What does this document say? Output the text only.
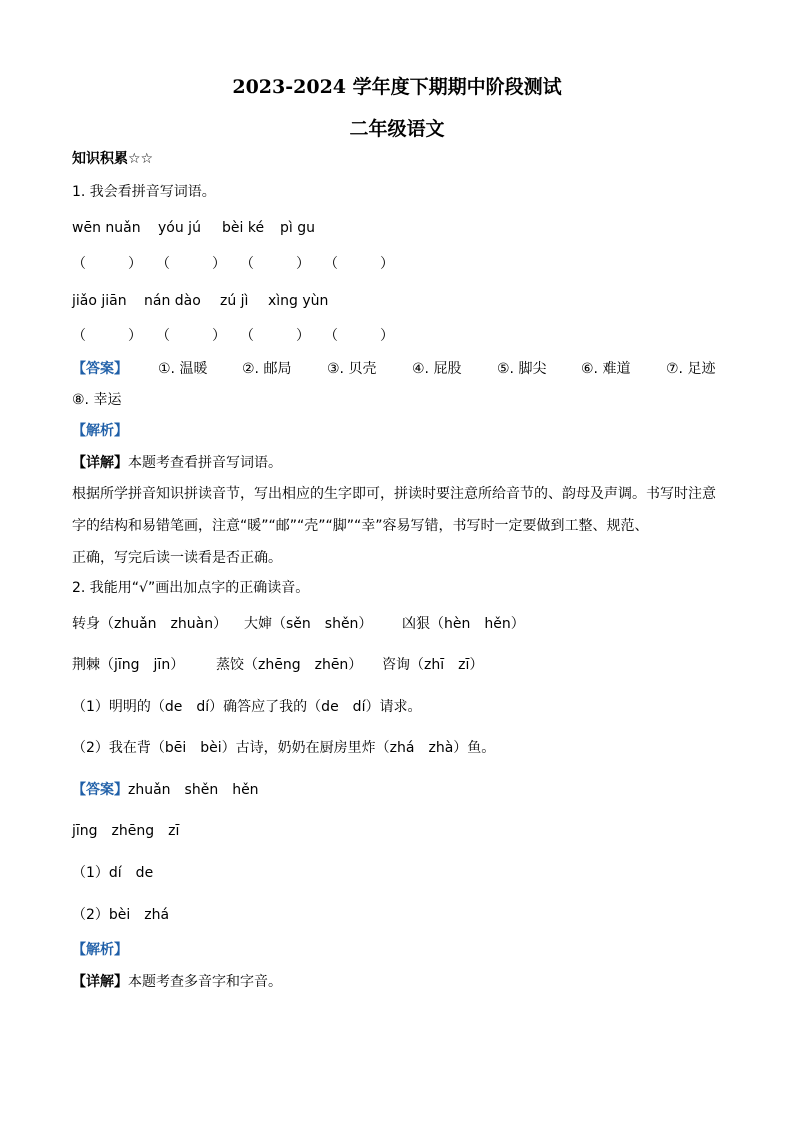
2023-2024 学年度下期期中阶段测试
二年级语文
知识积累☆☆
1. 我会看拼音写词语。
wēn nuǎn yóu jú bèi ké pì gu
（　　　） （　　　） （　　　） （　　　）
jiǎo jiān nán dào zú jì xìng yùn
（　　　） （　　　） （　　　） （　　　）
【答案】 ①. 温暖 ②. 邮局	③. 贝壳	④. 屁股	⑤. 脚尖 ⑥. 难道	⑦. 足迹
⑧. 幸运
【解析】
【详解】本题考查看拼音写词语。
根据所学拼音知识拼读音节，写出相应的生字即可，拼读时要注意所给音节的、韵母及声调。书写时注意
字的结构和易错笔画，注意“暖”“邮”“壳”“脚”“幸”容易写错，书写时一定要做到工整、规范、
正确，写完后读一读看是否正确。
2. 我能用“√”画出加点字的正确读音。
转身（zhuǎn　zhuàn） 大婶（sěn　shěn） 凶狠（hèn　hěn）
荆棘（jīng　jīn） 蒸饺（zhēng　zhēn） 咨询（zhī　zī）
（1）明明的（de　dí）确答应了我的（de　dí）请求。
（2）我在背（bēi　bèi）古诗，奶奶在厨房里炸（zhá　zhà）鱼。
【答案】zhuǎn　shěn　hěn
jīng　zhēng　zī
（1）dí　de
（2）bèi　zhá
【解析】
【详解】本题考查多音字和字音。
